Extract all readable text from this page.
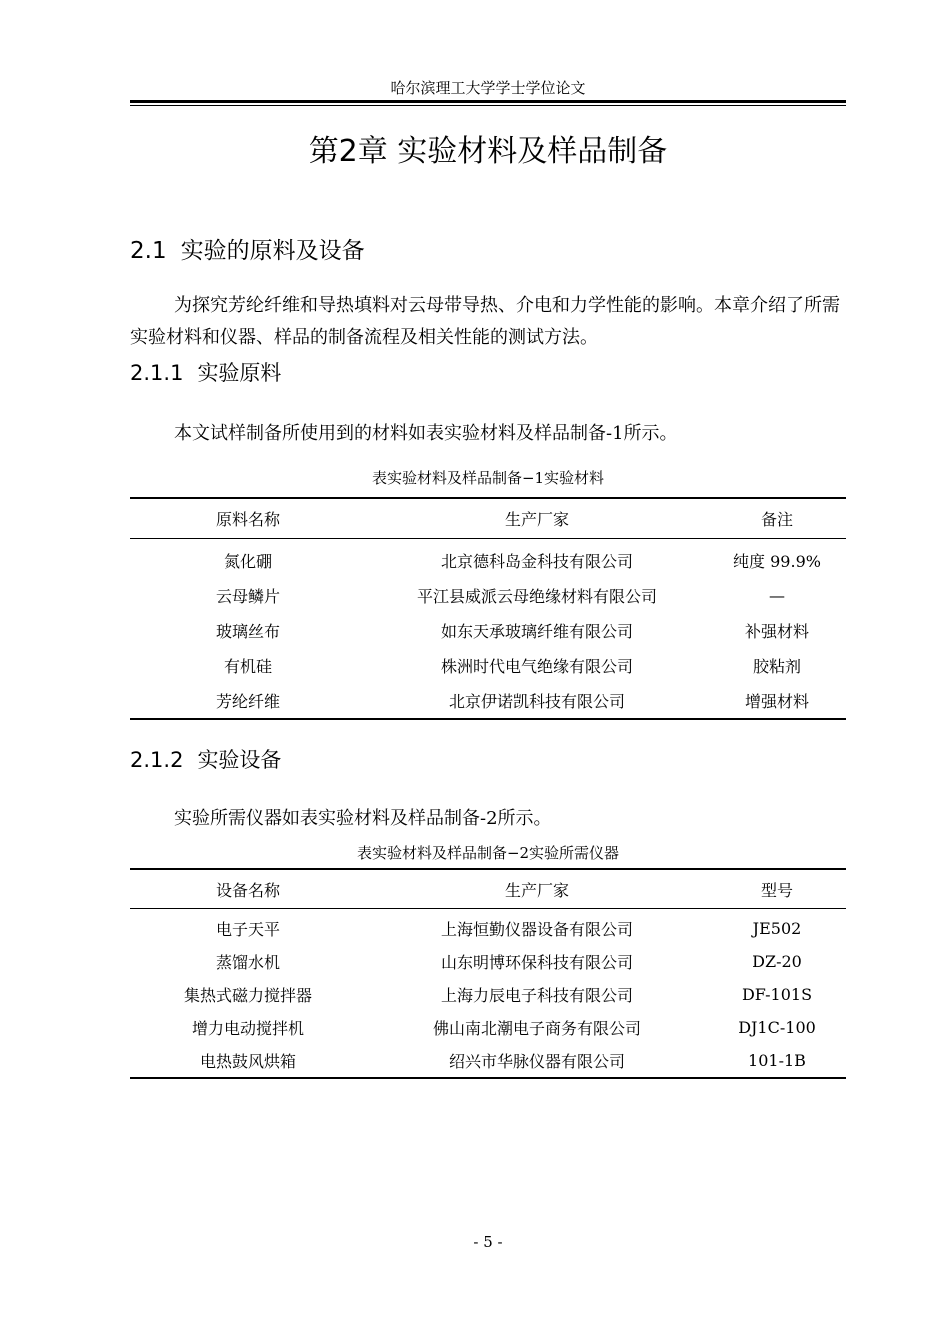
哈尔滨理工大学学士学位论文
第2章 实验材料及样品制备
2.1 实验的原料及设备
为探究芳纶纤维和导热填料对云母带导热、介电和力学性能的影响。本章介绍了所需实验材料和仪器、样品的制备流程及相关性能的测试方法。
2.1.1 实验原料
本文试样制备所使用到的材料如表实验材料及样品制备-1所示。
表实验材料及样品制备−1实验材料
原料名称	生产厂家	备注
氮化硼	北京德科岛金科技有限公司	纯度 99.9%
云母鳞片	平江县威派云母绝缘材料有限公司	—
玻璃丝布	如东天承玻璃纤维有限公司	补强材料
有机硅	株洲时代电气绝缘有限公司	胶粘剂
芳纶纤维	北京伊诺凯科技有限公司	增强材料
2.1.2 实验设备
实验所需仪器如表实验材料及样品制备-2所示。
表实验材料及样品制备−2实验所需仪器
设备名称	生产厂家	型号
电子天平	上海恒勤仪器设备有限公司	JE502
蒸馏水机	山东明博环保科技有限公司	DZ-20
集热式磁力搅拌器	上海力辰电子科技有限公司	DF-101S
增力电动搅拌机	佛山南北潮电子商务有限公司	DJ1C-100
电热鼓风烘箱	绍兴市华脉仪器有限公司	101-1B
- 5 -
